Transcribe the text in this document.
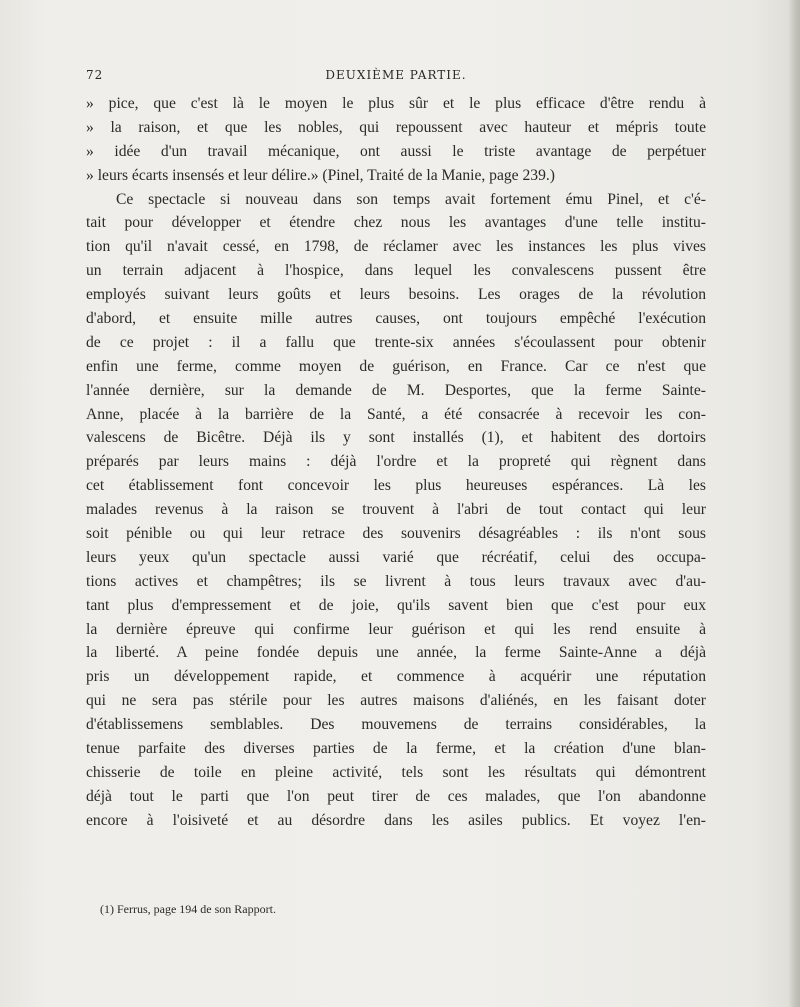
72	DEUXIÈME PARTIE.
» pice, que c'est là le moyen le plus sûr et le plus efficace d'être rendu à
» la raison, et que les nobles, qui repoussent avec hauteur et mépris toute
» idée d'un travail mécanique, ont aussi le triste avantage de perpétuer
» leurs écarts insensés et leur délire.» (Pinel, Traité de la Manie, page 239.)
Ce spectacle si nouveau dans son temps avait fortement ému Pinel, et c'é-
tait pour développer et étendre chez nous les avantages d'une telle institu-
tion qu'il n'avait cessé, en 1798, de réclamer avec les instances les plus vives
un terrain adjacent à l'hospice, dans lequel les convalescens pussent être
employés suivant leurs goûts et leurs besoins. Les orages de la révolution
d'abord, et ensuite mille autres causes, ont toujours empêché l'exécution
de ce projet : il a fallu que trente-six années s'écoulassent pour obtenir
enfin une ferme, comme moyen de guérison, en France. Car ce n'est que
l'année dernière, sur la demande de M. Desportes, que la ferme Sainte-
Anne, placée à la barrière de la Santé, a été consacrée à recevoir les con-
valescens de Bicêtre. Déjà ils y sont installés (1), et habitent des dortoirs
préparés par leurs mains : déjà l'ordre et la propreté qui règnent dans
cet établissement font concevoir les plus heureuses espérances. Là les
malades revenus à la raison se trouvent à l'abri de tout contact qui leur
soit pénible ou qui leur retrace des souvenirs désagréables : ils n'ont sous
leurs yeux qu'un spectacle aussi varié que récréatif, celui des occupa-
tions actives et champêtres; ils se livrent à tous leurs travaux avec d'au-
tant plus d'empressement et de joie, qu'ils savent bien que c'est pour eux
la dernière épreuve qui confirme leur guérison et qui les rend ensuite à
la liberté. A peine fondée depuis une année, la ferme Sainte-Anne a déjà
pris un développement rapide, et commence à acquérir une réputation
qui ne sera pas stérile pour les autres maisons d'aliénés, en les faisant doter
d'établissemens semblables. Des mouvemens de terrains considérables, la
tenue parfaite des diverses parties de la ferme, et la création d'une blan-
chisserie de toile en pleine activité, tels sont les résultats qui démontrent
déjà tout le parti que l'on peut tirer de ces malades, que l'on abandonne
encore à l'oisiveté et au désordre dans les asiles publics. Et voyez l'en-
(1) Ferrus, page 194 de son Rapport.
